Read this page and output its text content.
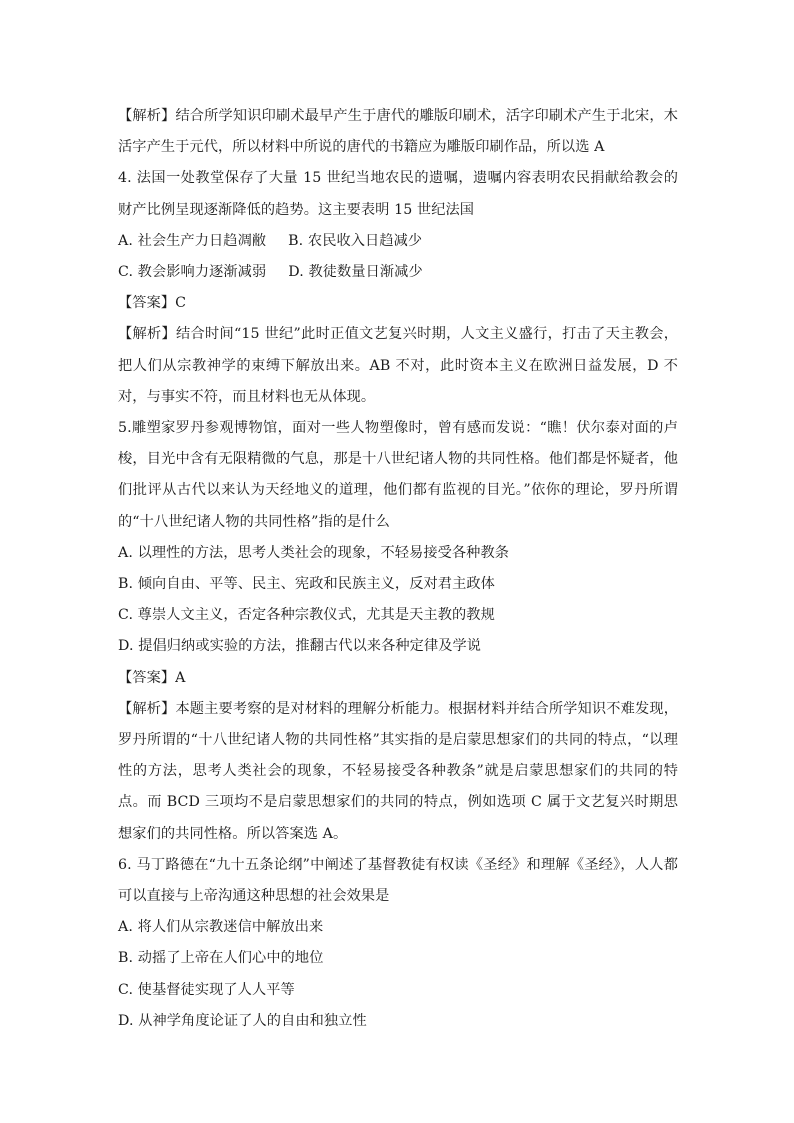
【解析】结合所学知识印刷术最早产生于唐代的雕版印刷术，活字印刷术产生于北宋，木活字产生于元代，所以材料中所说的唐代的书籍应为雕版印刷作品，所以选 A

4. 法国一处教堂保存了大量 15 世纪当地农民的遗嘱，遗嘱内容表明农民捐献给教会的财产比例呈现逐渐降低的趋势。这主要表明 15 世纪法国

A. 社会生产力日趋凋敝 B. 农民收入日趋减少

C. 教会影响力逐渐减弱 D. 教徒数量日渐减少

【答案】C

【解析】结合时间“15 世纪”此时正值文艺复兴时期，人文主义盛行，打击了天主教会，把人们从宗教神学的束缚下解放出来。AB 不对，此时资本主义在欧洲日益发展，D 不对，与事实不符，而且材料也无从体现。

5.雕塑家罗丹参观博物馆，面对一些人物塑像时，曾有感而发说：“瞧！伏尔泰对面的卢梭，目光中含有无限精微的气息，那是十八世纪诸人物的共同性格。他们都是怀疑者，他们批评从古代以来认为天经地义的道理，他们都有监视的目光。”依你的理论，罗丹所谓的“十八世纪诸人物的共同性格”指的是什么

A. 以理性的方法，思考人类社会的现象，不轻易接受各种教条

B. 倾向自由、平等、民主、宪政和民族主义，反对君主政体

C. 尊崇人文主义，否定各种宗教仪式，尤其是天主教的教规

D. 提倡归纳或实验的方法，推翻古代以来各种定律及学说

【答案】A

【解析】本题主要考察的是对材料的理解分析能力。根据材料并结合所学知识不难发现，罗丹所谓的“十八世纪诸人物的共同性格”其实指的是启蒙思想家们的共同的特点，“以理性的方法，思考人类社会的现象，不轻易接受各种教条”就是启蒙思想家们的共同的特点。而 BCD 三项均不是启蒙思想家们的共同的特点，例如选项 C 属于文艺复兴时期思想家们的共同性格。所以答案选 A。

6. 马丁路德在“九十五条论纲”中阐述了基督教徒有权读《圣经》和理解《圣经》，人人都可以直接与上帝沟通这种思想的社会效果是

A. 将人们从宗教迷信中解放出来

B. 动摇了上帝在人们心中的地位

C. 使基督徒实现了人人平等

D. 从神学角度论证了人的自由和独立性
